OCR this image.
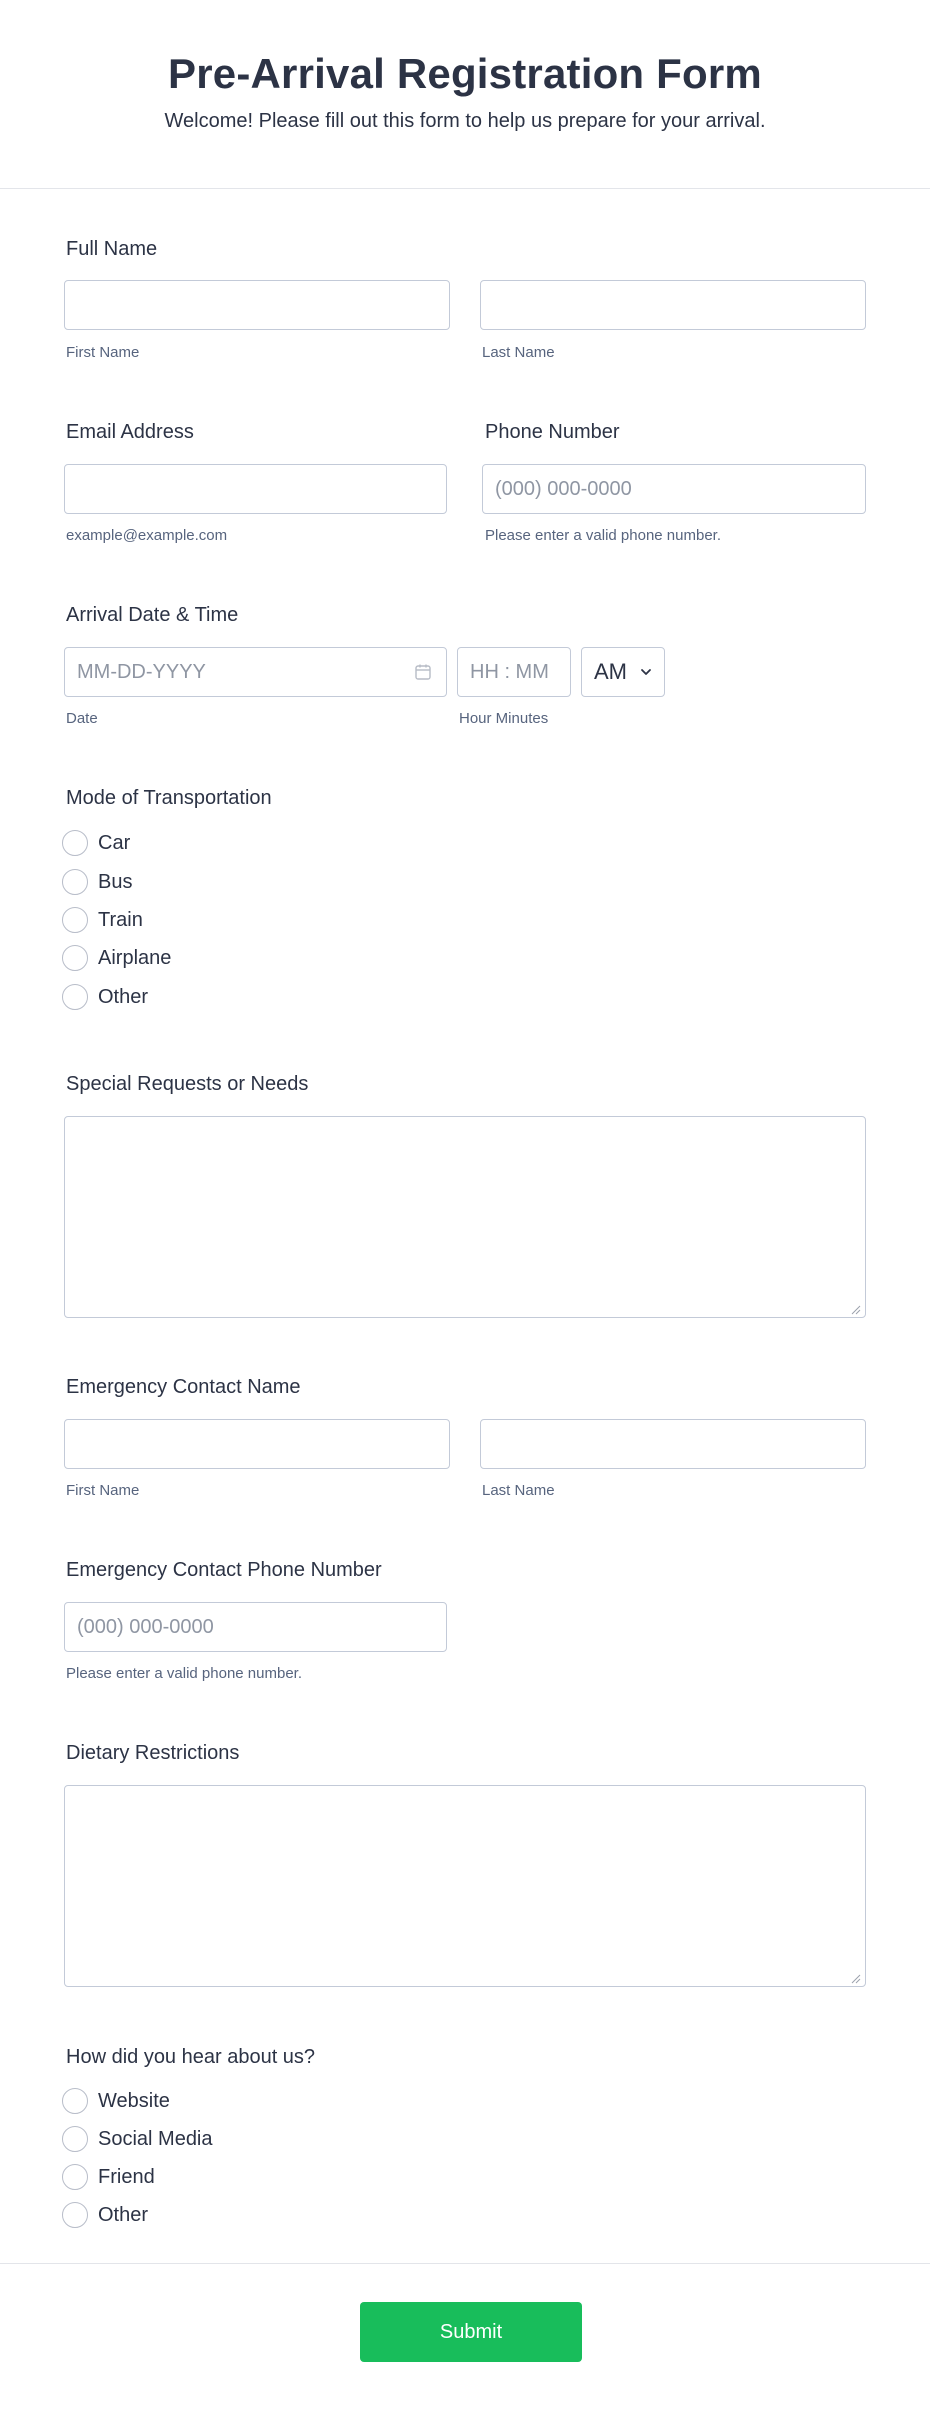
Pre-Arrival Registration Form

Welcome! Please fill out this form to help us prepare for your arrival.

Full Name
First Name	Last Name
Email Address
example@example.com
Phone Number
(000) 000-0000
Please enter a valid phone number.
Arrival Date & Time
MM-DD-YYYY
HH : MM
AM
Date	Hour Minutes
Mode of Transportation
Car
Bus
Train
Airplane
Other
Special Requests or Needs
Emergency Contact Name
First Name	Last Name
Emergency Contact Phone Number
(000) 000-0000
Please enter a valid phone number.
Dietary Restrictions
How did you hear about us?
Website
Social Media
Friend
Other
Submit
